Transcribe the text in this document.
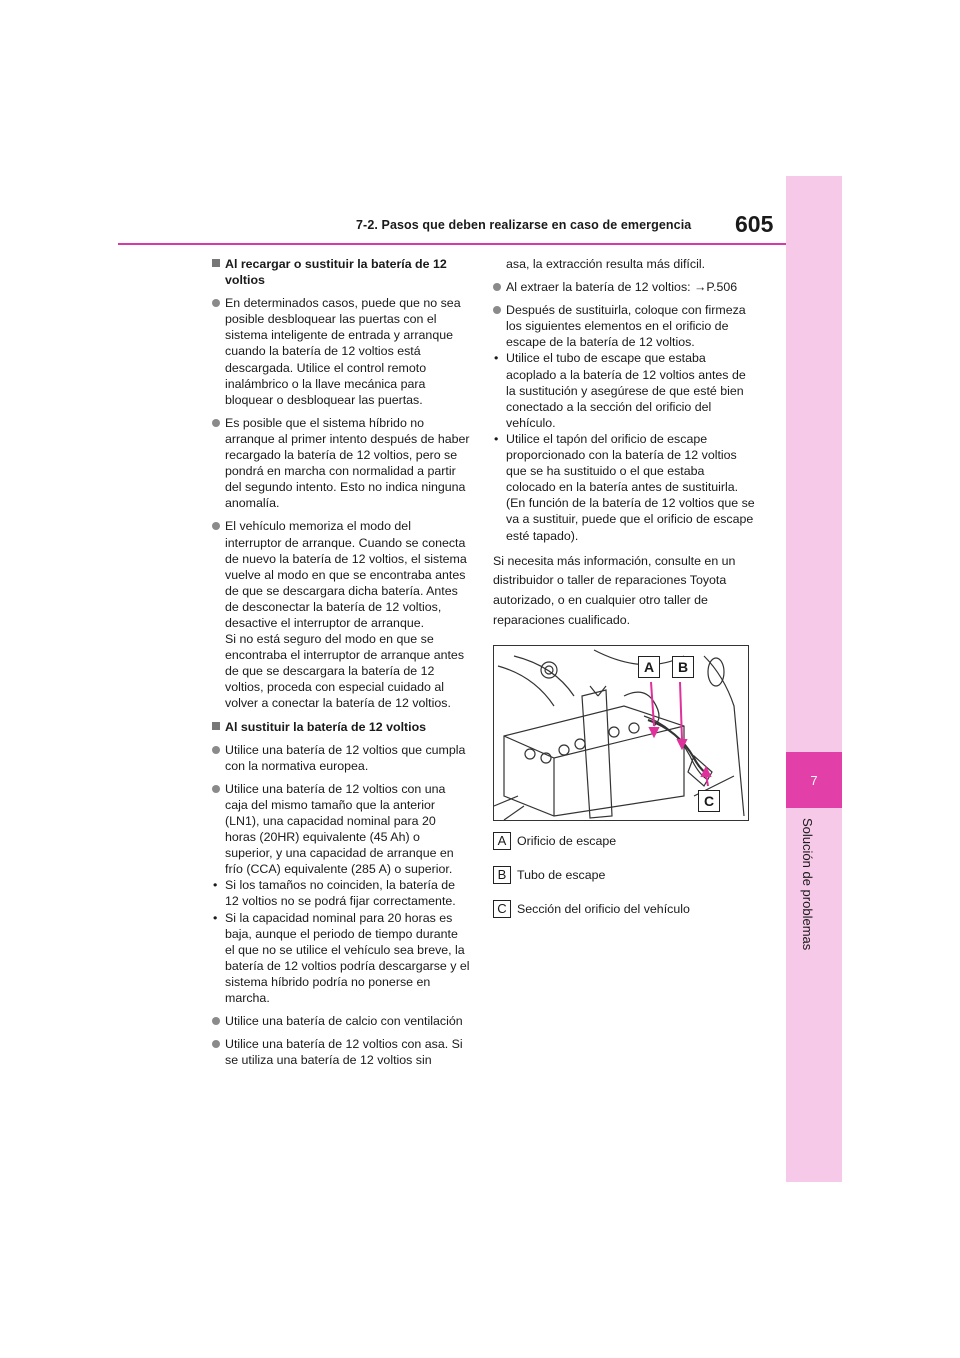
7-2. Pasos que deben realizarse en caso de emergencia 605
7
Solución de problemas
Al recargar o sustituir la batería de 12 voltios
En determinados casos, puede que no sea posible desbloquear las puertas con el sistema inteligente de entrada y arranque cuando la batería de 12 voltios está descargada. Utilice el control remoto inalámbrico o la llave mecánica para bloquear o desbloquear las puertas.
Es posible que el sistema híbrido no arranque al primer intento después de haber recargado la batería de 12 voltios, pero se pondrá en marcha con normalidad a partir del segundo intento. Esto no indica ninguna anomalía.
El vehículo memoriza el modo del interruptor de arranque. Cuando se conecta de nuevo la batería de 12 voltios, el sistema vuelve al modo en que se encontraba antes de que se descargara dicha batería. Antes de desconectar la batería de 12 voltios, desactive el interruptor de arranque.
Si no está seguro del modo en que se encontraba el interruptor de arranque antes de que se descargara la batería de 12 voltios, proceda con especial cuidado al volver a conectar la batería de 12 voltios.
Al sustituir la batería de 12 voltios
Utilice una batería de 12 voltios que cumpla con la normativa europea.
Utilice una batería de 12 voltios con una caja del mismo tamaño que la anterior (LN1), una capacidad nominal para 20 horas (20HR) equivalente (45 Ah) o superior, y una capacidad de arranque en frío (CCA) equivalente (285 A) o superior.
• Si los tamaños no coinciden, la batería de 12 voltios no se podrá fijar correctamente.
• Si la capacidad nominal para 20 horas es baja, aunque el periodo de tiempo durante el que no se utilice el vehículo sea breve, la batería de 12 voltios podría descargarse y el sistema híbrido podría no ponerse en marcha.
Utilice una batería de calcio con ventilación
Utilice una batería de 12 voltios con asa. Si se utiliza una batería de 12 voltios sin
asa, la extracción resulta más difícil.
Al extraer la batería de 12 voltios: →P.506
Después de sustituirla, coloque con firmeza los siguientes elementos en el orificio de escape de la batería de 12 voltios.
• Utilice el tubo de escape que estaba acoplado a la batería de 12 voltios antes de la sustitución y asegúrese de que esté bien conectado a la sección del orificio del vehículo.
• Utilice el tapón del orificio de escape proporcionado con la batería de 12 voltios que se ha sustituido o el que estaba colocado en la batería antes de sustituirla. (En función de la batería de 12 voltios que se va a sustituir, puede que el orificio de escape esté tapado).
Si necesita más información, consulte en un distribuidor o taller de reparaciones Toyota autorizado, o en cualquier otro taller de reparaciones cualificado.
A	B
C
A Orificio de escape
B Tubo de escape
C Sección del orificio del vehículo
